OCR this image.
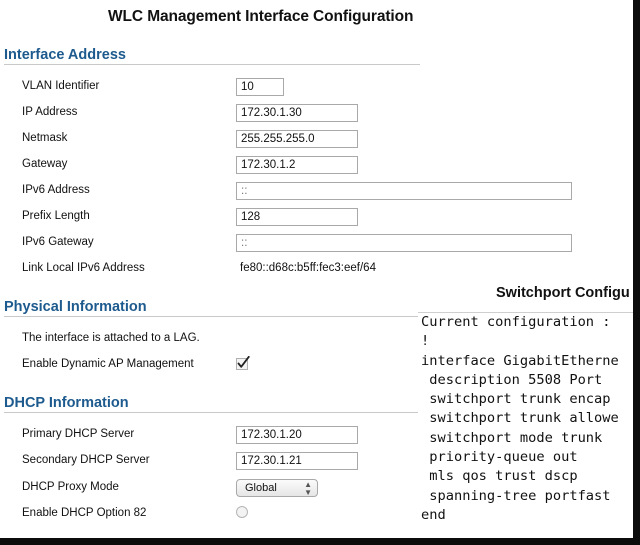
WLC Management Interface Configuration
Interface Address
VLAN Identifier	10
IP Address	172.30.1.30
Netmask	255.255.255.0
Gateway	172.30.1.2
IPv6 Address	::
Prefix Length	128
IPv6 Gateway	::
Link Local IPv6 Address	fe80::d68c:b5ff:fec3:eef/64
Physical Information
The interface is attached to a LAG.
Enable Dynamic AP Management
DHCP Information
Primary DHCP Server	172.30.1.20
Secondary DHCP Server	172.30.1.21
DHCP Proxy Mode	Global	▲
▼
Enable DHCP Option 82
Switchport Configu
Current configuration :
!
interface GigabitEtherne
description 5508 Port
switchport trunk encap
switchport trunk allowe
switchport mode trunk
priority-queue out
mls qos trust dscp
spanning-tree portfast
end
